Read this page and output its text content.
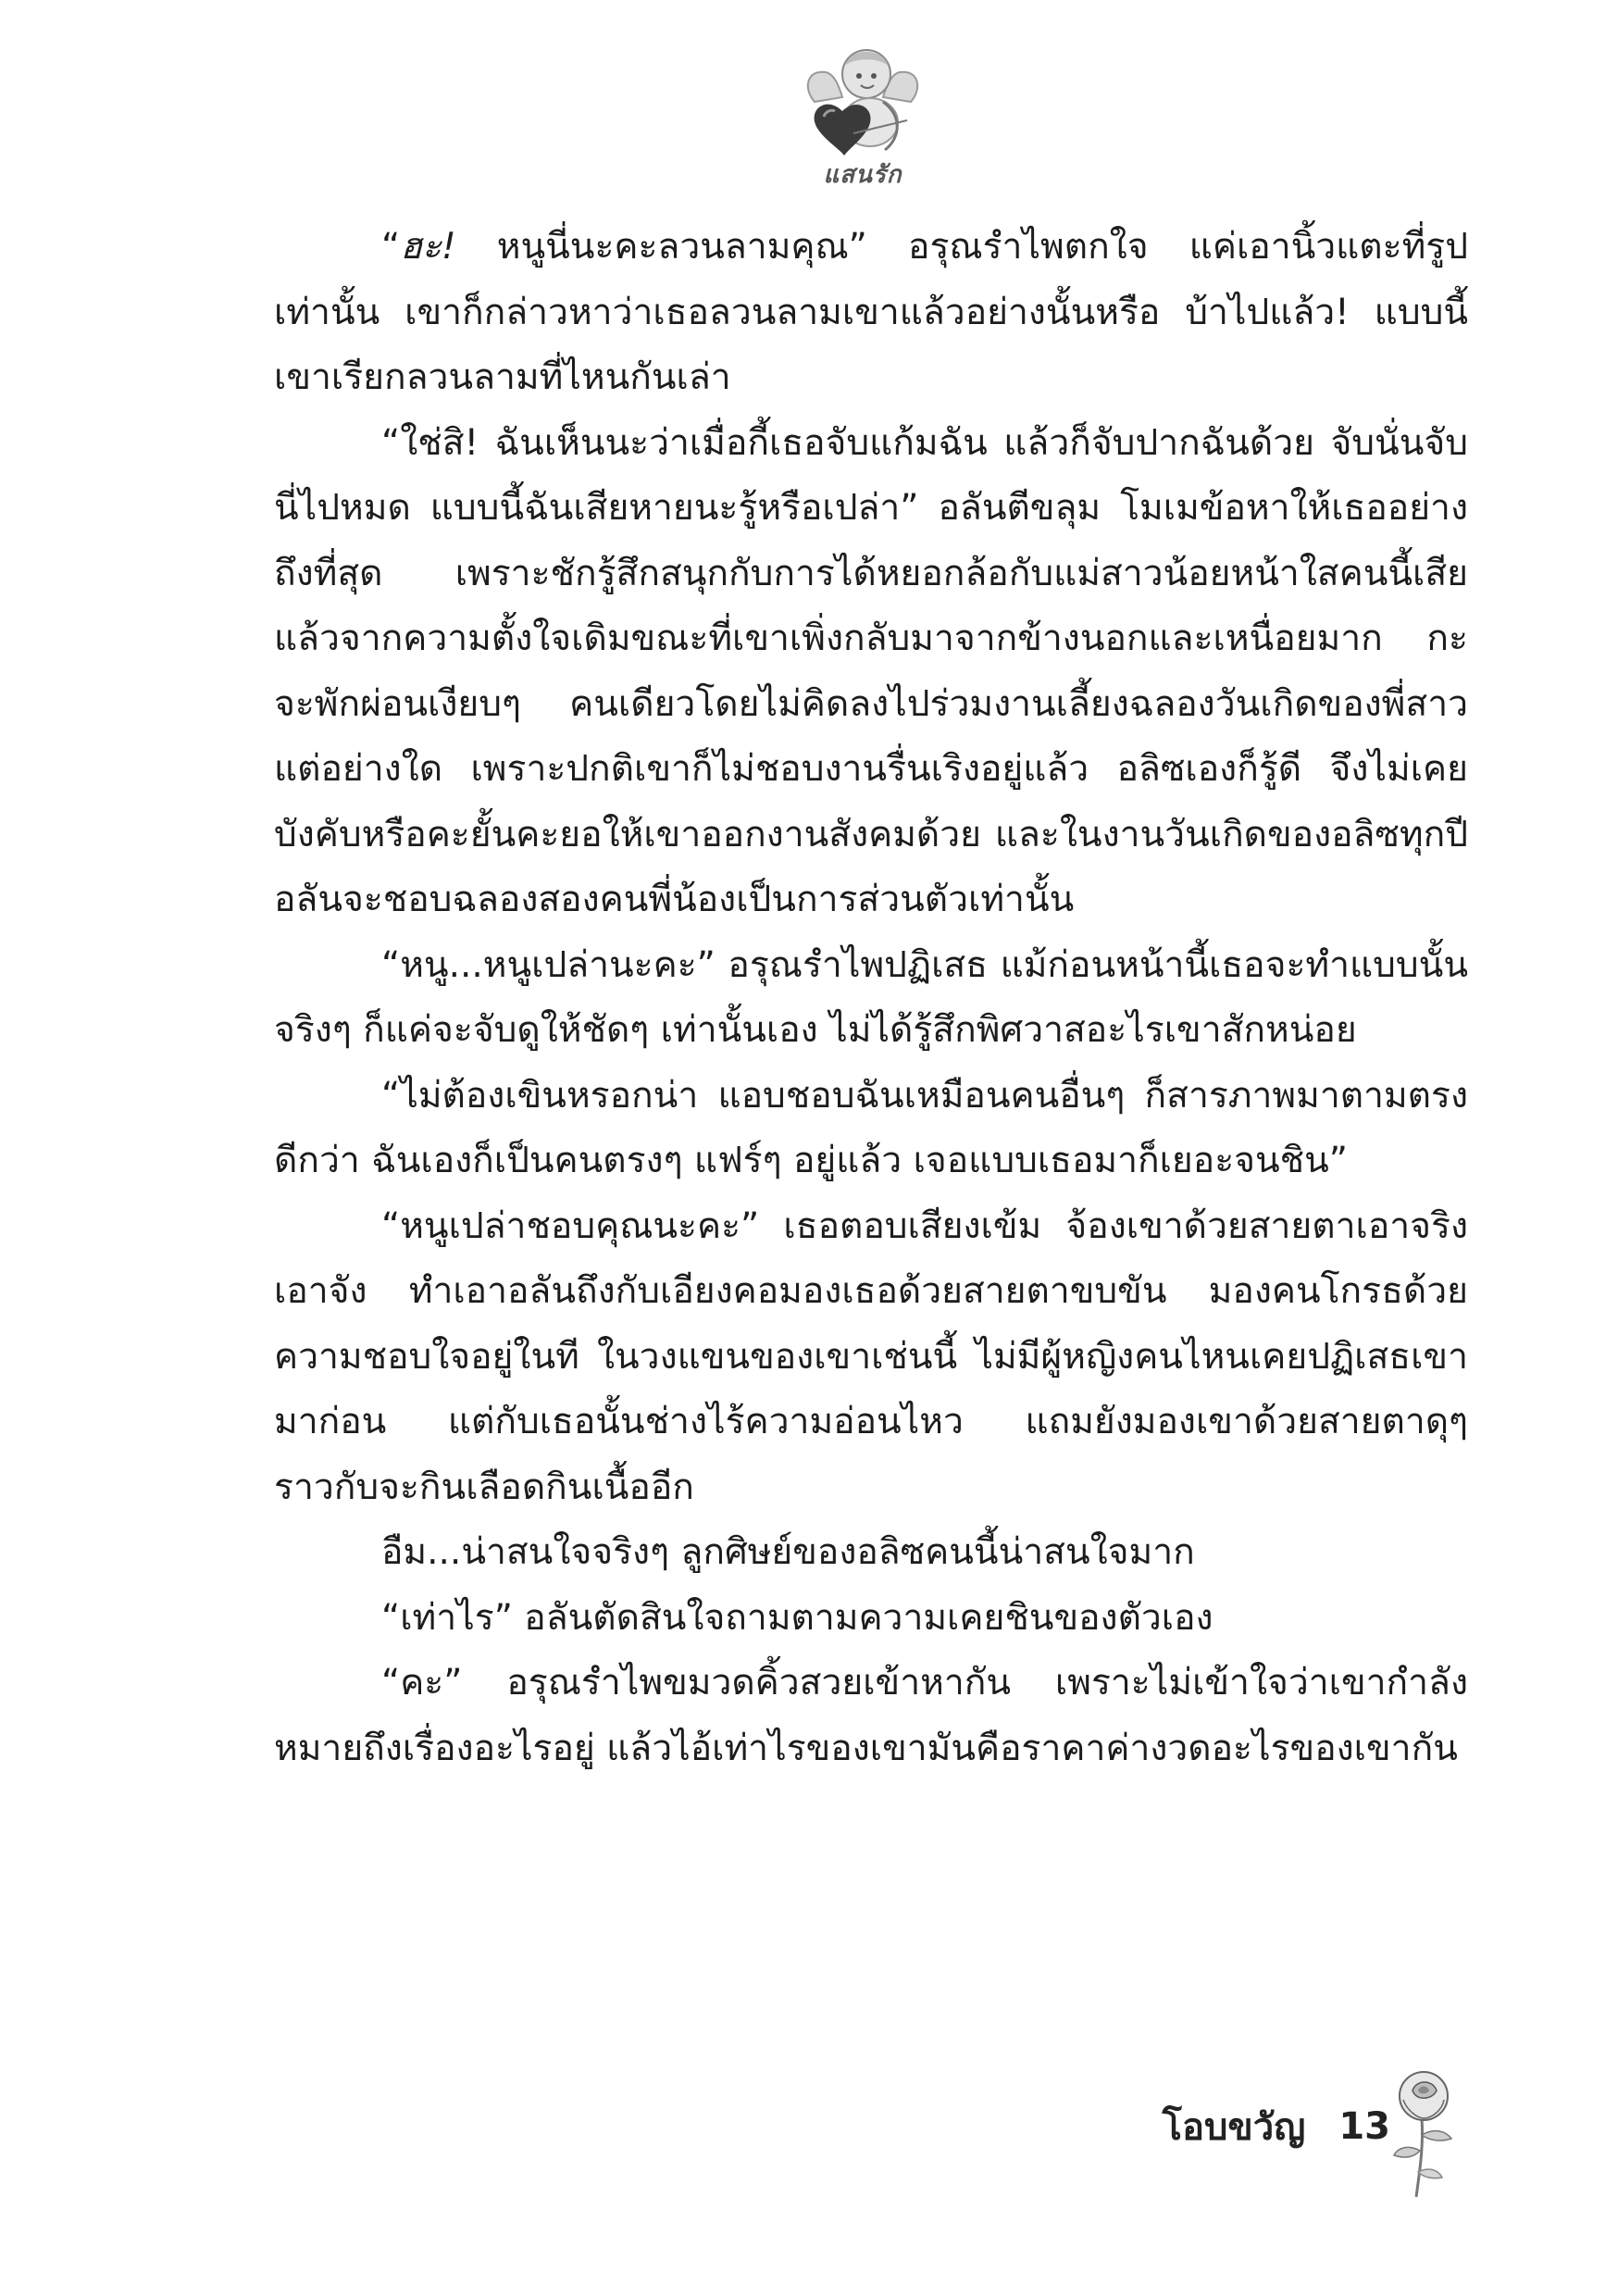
แสนรัก

“ฮะ! หนูนี่นะคะลวนลามคุณ” อรุณรำไพตกใจ แค่เอานิ้วแตะที่รูปเท่านั้น เขาก็กล่าวหาว่าเธอลวนลามเขาแล้วอย่างนั้นหรือ บ้าไปแล้ว! แบบนี้เขาเรียกลวนลามที่ไหนกันเล่า

“ใช่สิ! ฉันเห็นนะว่าเมื่อกี้เธอจับแก้มฉัน แล้วก็จับปากฉันด้วย จับนั่นจับนี่ไปหมด แบบนี้ฉันเสียหายนะรู้หรือเปล่า” อลันตีขลุม โมเมข้อหาให้เธออย่างถึงที่สุด เพราะชักรู้สึกสนุกกับการได้หยอกล้อกับแม่สาวน้อยหน้าใสคนนี้เสียแล้วจากความตั้งใจเดิมขณะที่เขาเพิ่งกลับมาจากข้างนอกและเหนื่อยมาก กะจะพักผ่อนเงียบๆ คนเดียวโดยไม่คิดลงไปร่วมงานเลี้ยงฉลองวันเกิดของพี่สาวแต่อย่างใด เพราะปกติเขาก็ไม่ชอบงานรื่นเริงอยู่แล้ว อลิซเองก็รู้ดี จึงไม่เคยบังคับหรือคะยั้นคะยอให้เขาออกงานสังคมด้วย และในงานวันเกิดของอลิซทุกปี อลันจะชอบฉลองสองคนพี่น้องเป็นการส่วนตัวเท่านั้น

“หนู...หนูเปล่านะคะ” อรุณรำไพปฏิเสธ แม้ก่อนหน้านี้เธอจะทำแบบนั้นจริงๆ ก็แค่จะจับดูให้ชัดๆ เท่านั้นเอง ไม่ได้รู้สึกพิศวาสอะไรเขาสักหน่อย

“ไม่ต้องเขินหรอกน่า แอบชอบฉันเหมือนคนอื่นๆ ก็สารภาพมาตามตรงดีกว่า ฉันเองก็เป็นคนตรงๆ แฟร์ๆ อยู่แล้ว เจอแบบเธอมาก็เยอะจนชิน”

“หนูเปล่าชอบคุณนะคะ” เธอตอบเสียงเข้ม จ้องเขาด้วยสายตาเอาจริงเอาจัง ทำเอาอลันถึงกับเอียงคอมองเธอด้วยสายตาขบขัน มองคนโกรธด้วยความชอบใจอยู่ในที ในวงแขนของเขาเช่นนี้ ไม่มีผู้หญิงคนไหนเคยปฏิเสธเขามาก่อน แต่กับเธอนั้นช่างไร้ความอ่อนไหว แถมยังมองเขาด้วยสายตาดุๆ ราวกับจะกินเลือดกินเนื้ออีก

อืม...น่าสนใจจริงๆ ลูกศิษย์ของอลิซคนนี้น่าสนใจมาก

“เท่าไร” อลันตัดสินใจถามตามความเคยชินของตัวเอง

“คะ” อรุณรำไพขมวดคิ้วสวยเข้าหากัน เพราะไม่เข้าใจว่าเขากำลังหมายถึงเรื่องอะไรอยู่ แล้วไอ้เท่าไรของเขามันคือราคาค่างวดอะไรของเขากัน

โอบขวัญ 13
